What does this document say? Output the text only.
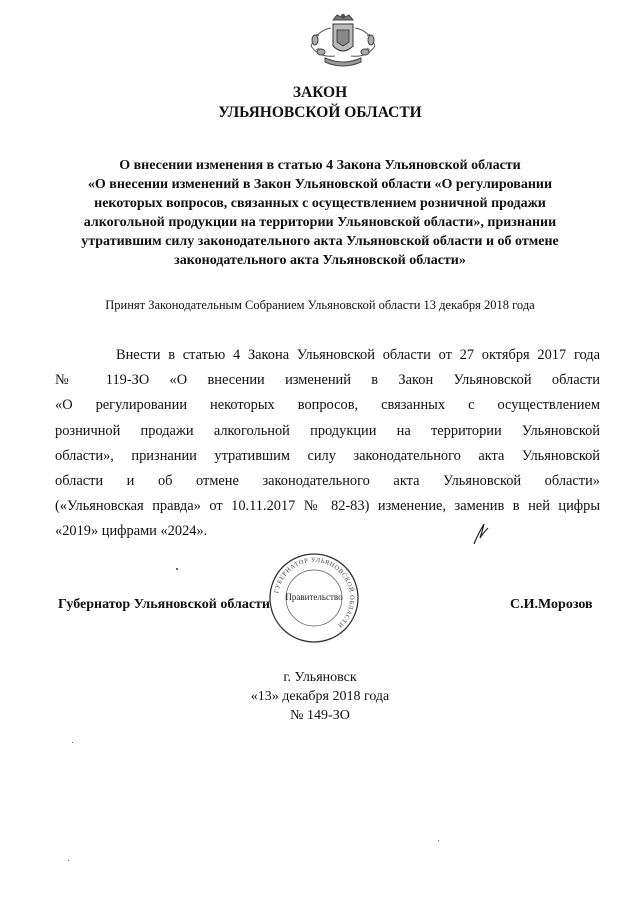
ЗАКОН
УЛЬЯНОВСКОЙ ОБЛАСТИ
О внесении изменения в статью 4 Закона Ульяновской области
«О внесении изменений в Закон Ульяновской области «О регулировании
некоторых вопросов, связанных с осуществлением розничной продажи
алкогольной продукции на территории Ульяновской области», признании
утратившим силу законодательного акта Ульяновской области и об отмене
законодательного акта Ульяновской области»
Принят Законодательным Собранием Ульяновской области 13 декабря 2018 года
Внести в статью 4 Закона Ульяновской области от 27 октября 2017 года
№ 119-ЗО «О внесении изменений в Закон Ульяновской области
«О регулировании некоторых вопросов, связанных с осуществлением
розничной продажи алкогольной продукции на территории Ульяновской
области», признании утратившим силу законодательного акта Ульяновской
области и об отмене законодательного акта Ульяновской области»
(«Ульяновская правда» от 10.11.2017 № 82-83) изменение, заменив в ней цифры
«2019» цифрами «2024».
ГУБЕРНАТОР УЛЬЯНОВСКОЙ ОБЛАСТИ
Правительство
Губернатор Ульяновской области	С.И.Морозов
г. Ульяновск
«13» декабря 2018 года
№ 149-ЗО
